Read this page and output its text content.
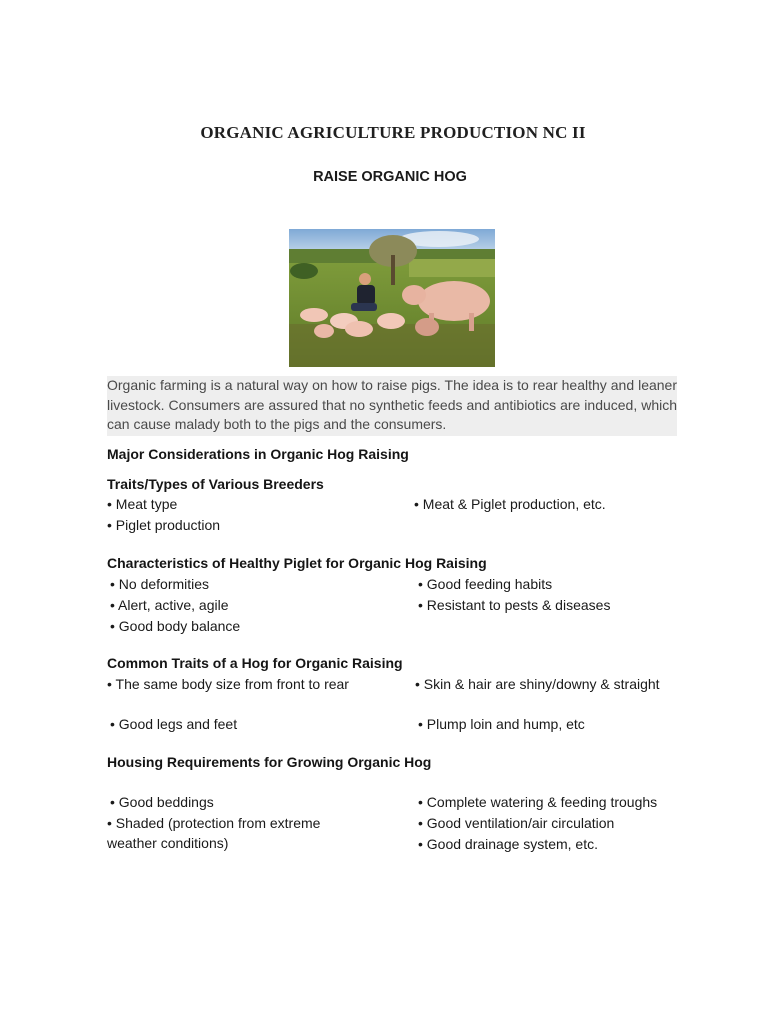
ORGANIC AGRICULTURE PRODUCTION NC II
RAISE ORGANIC HOG
Organic farming is a natural way on how to raise pigs. The idea is to rear healthy and leaner livestock. Consumers are assured that no synthetic feeds and antibiotics are induced, which can cause malady both to the pigs and the consumers.
Major Considerations in Organic Hog Raising
Traits/Types of Various Breeders
• Meat type
• Piglet production
• Meat & Piglet production, etc.
Characteristics of Healthy Piglet for Organic Hog Raising
• No deformities
• Alert, active, agile
• Good body balance
• Good feeding habits
• Resistant to pests & diseases
Common Traits of a Hog for Organic Raising
• The same body size from front to rear
• Good legs and feet
• Skin & hair are shiny/downy & straight
• Plump loin and hump, etc
Housing Requirements for Growing Organic Hog
• Good beddings
• Shaded (protection from extreme weather conditions)
• Complete watering & feeding troughs
• Good ventilation/air circulation
• Good drainage system, etc.
